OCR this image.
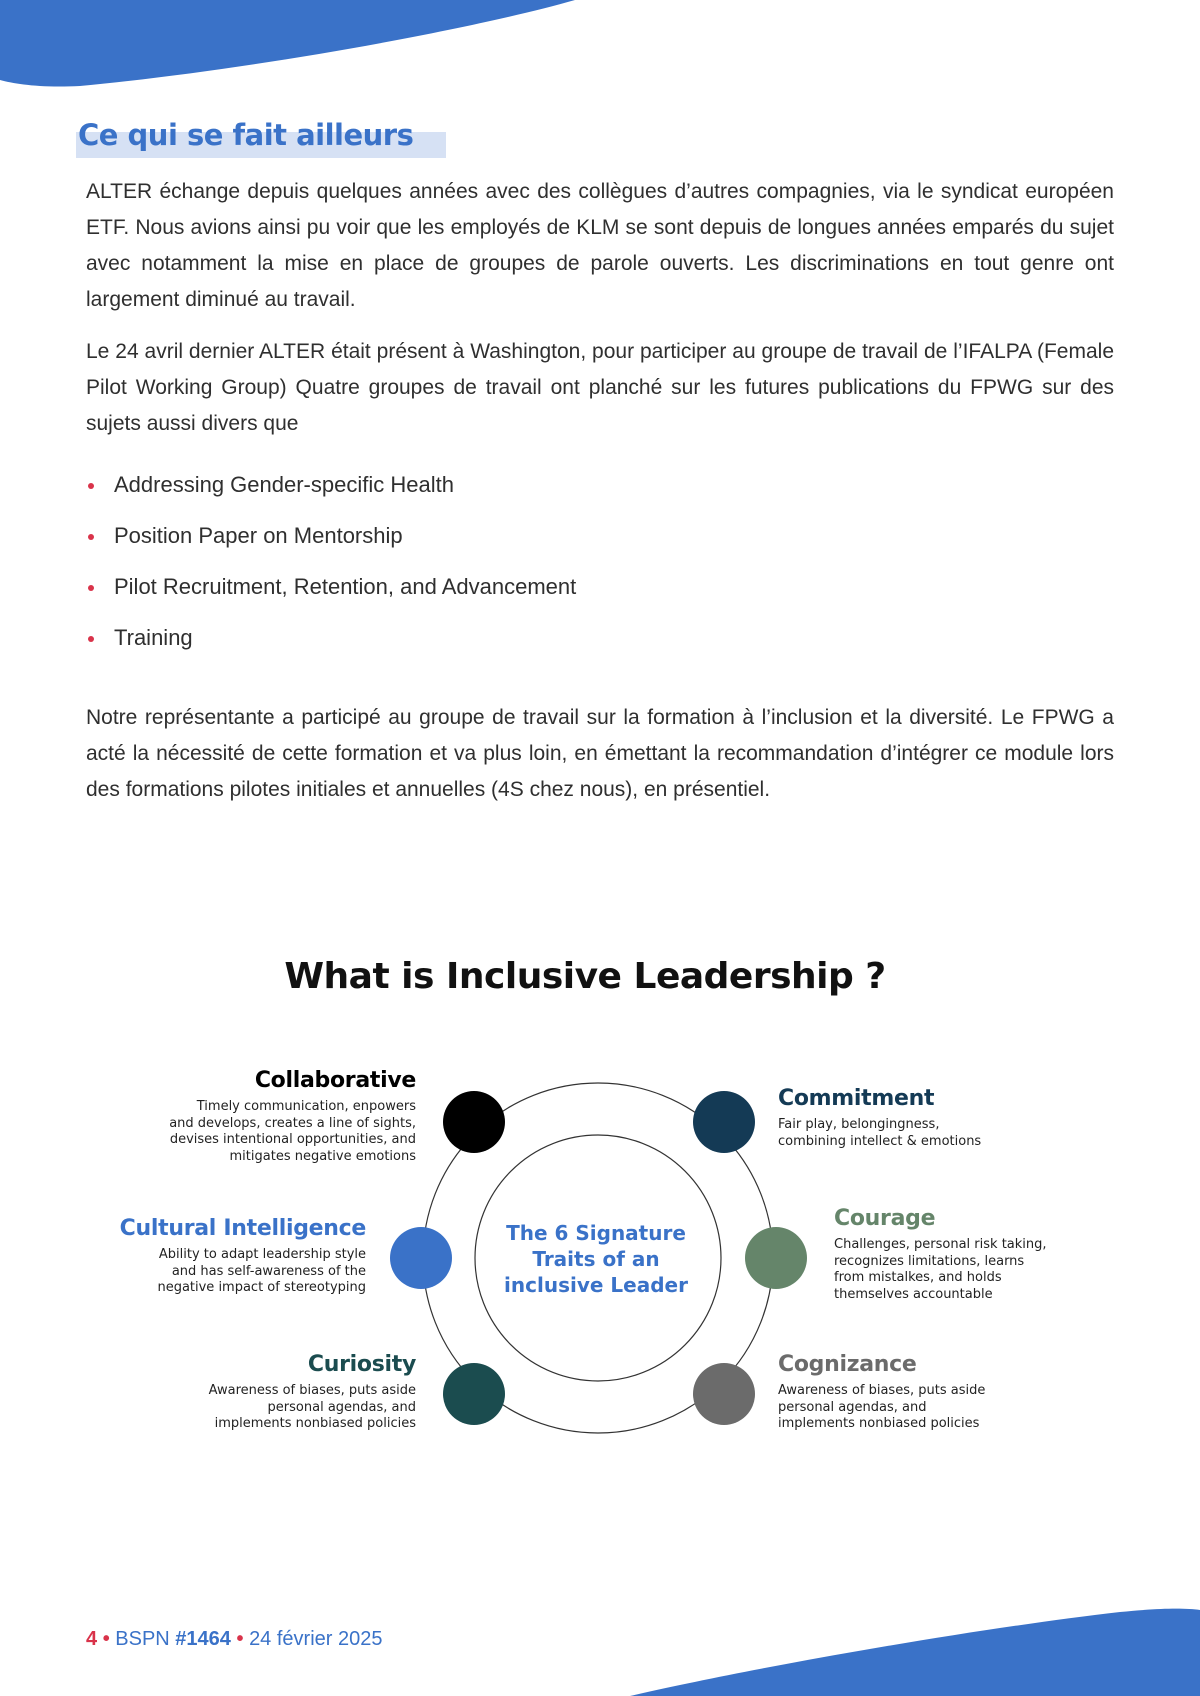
Ce qui se fait ailleurs

ALTER échange depuis quelques années avec des collègues d’autres compagnies, via le syndicat européen ETF. Nous avions ainsi pu voir que les employés de KLM se sont depuis de longues années emparés du sujet avec notamment la mise en place de groupes de parole ouverts. Les discriminations en tout genre ont largement diminué au travail.

Le 24 avril dernier ALTER était présent à Washington, pour participer au groupe de travail de l’IFALPA (Female Pilot Working Group) Quatre groupes de travail ont planché sur les futures publications du FPWG sur des sujets aussi divers que

Addressing Gender-specific Health
Position Paper on Mentorship
Pilot Recruitment, Retention, and Advancement
Training

Notre représentante a participé au groupe de travail sur la formation à l’inclusion et la diversité. Le FPWG a acté la nécessité de cette formation et va plus loin, en émettant la recommandation d’intégrer ce module lors des formations pilotes initiales et annuelles (4S chez nous), en présentiel.

What is Inclusive Leadership ?
The 6 Signature
Traits of an
inclusive Leader
Collaborative

Timely communication, enpowers
and develops, creates a line of sights,
devises intentional opportunities, and
mitigates negative emotions

Commitment

Fair play, belongingness,
combining intellect & emotions

Cultural Intelligence

Ability to adapt leadership style
and has self-awareness of the
negative impact of stereotyping

Courage

Challenges, personal risk taking,
recognizes limitations, learns
from mistalkes, and holds
themselves accountable

Curiosity

Awareness of biases, puts aside
personal agendas, and
implements nonbiased policies

Cognizance

Awareness of biases, puts aside
personal agendas, and
implements nonbiased policies

4 • BSPN #1464 • 24 février 2025
